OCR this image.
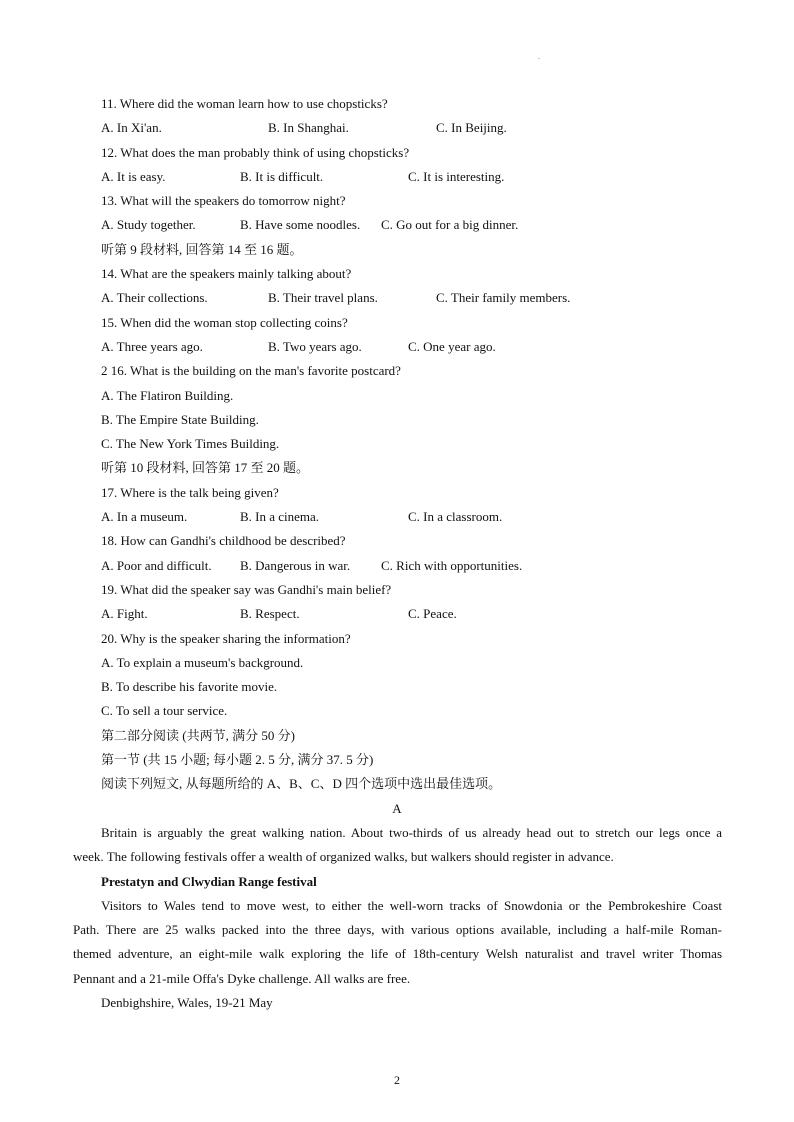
.
11. Where did the woman learn how to use chopsticks?
A. In Xi'an.	B. In Shanghai.	C. In Beijing.
12. What does the man probably think of using chopsticks?
A. It is easy.	B. It is difficult.	C. It is interesting.
13. What will the speakers do tomorrow night?
A. Study together.	B. Have some noodles. C. Go out for a big dinner.
听第 9 段材料, 回答第 14 至 16 题。
14. What are the speakers mainly talking about?
A. Their collections.	B. Their travel plans.	C. Their family members.
15. When did the woman stop collecting coins?
A. Three years ago.	B. Two years ago.	C. One year ago.
2 16. What is the building on the man's favorite postcard?
A. The Flatiron Building.
B. The Empire State Building.
C. The New York Times Building.
听第 10 段材料, 回答第 17 至 20 题。
17. Where is the talk being given?
A. In a museum.	B. In a cinema.	C. In a classroom.
18. How can Gandhi's childhood be described?
A. Poor and difficult. B. Dangerous in war. C. Rich with opportunities.
19. What did the speaker say was Gandhi's main belief?
A. Fight.	B. Respect.	C. Peace.
20. Why is the speaker sharing the information?
A. To explain a museum's background.
B. To describe his favorite movie.
C. To sell a tour service.
第二部分阅读 (共两节, 满分 50 分)
第一节 (共 15 小题; 每小题 2. 5 分, 满分 37. 5 分)
阅读下列短文, 从每题所给的 A、B、C、D 四个选项中选出最佳选项。
A

Britain is arguably the great walking nation. About two-thirds of us already head out to stretch our legs once a

week. The following festivals offer a wealth of organized walks, but walkers should register in advance.

Prestatyn and Clwydian Range festival

Visitors to Wales tend to move west, to either the well-worn tracks of Snowdonia or the Pembrokeshire Coast

Path. There are 25 walks packed into the three days, with various options available, including a half-mile Roman-

themed adventure, an eight-mile walk exploring the life of 18th-century Welsh naturalist and travel writer Thomas

Pennant and a 21-mile Offa's Dyke challenge. All walks are free.

Denbighshire, Wales, 19-21 May
2
